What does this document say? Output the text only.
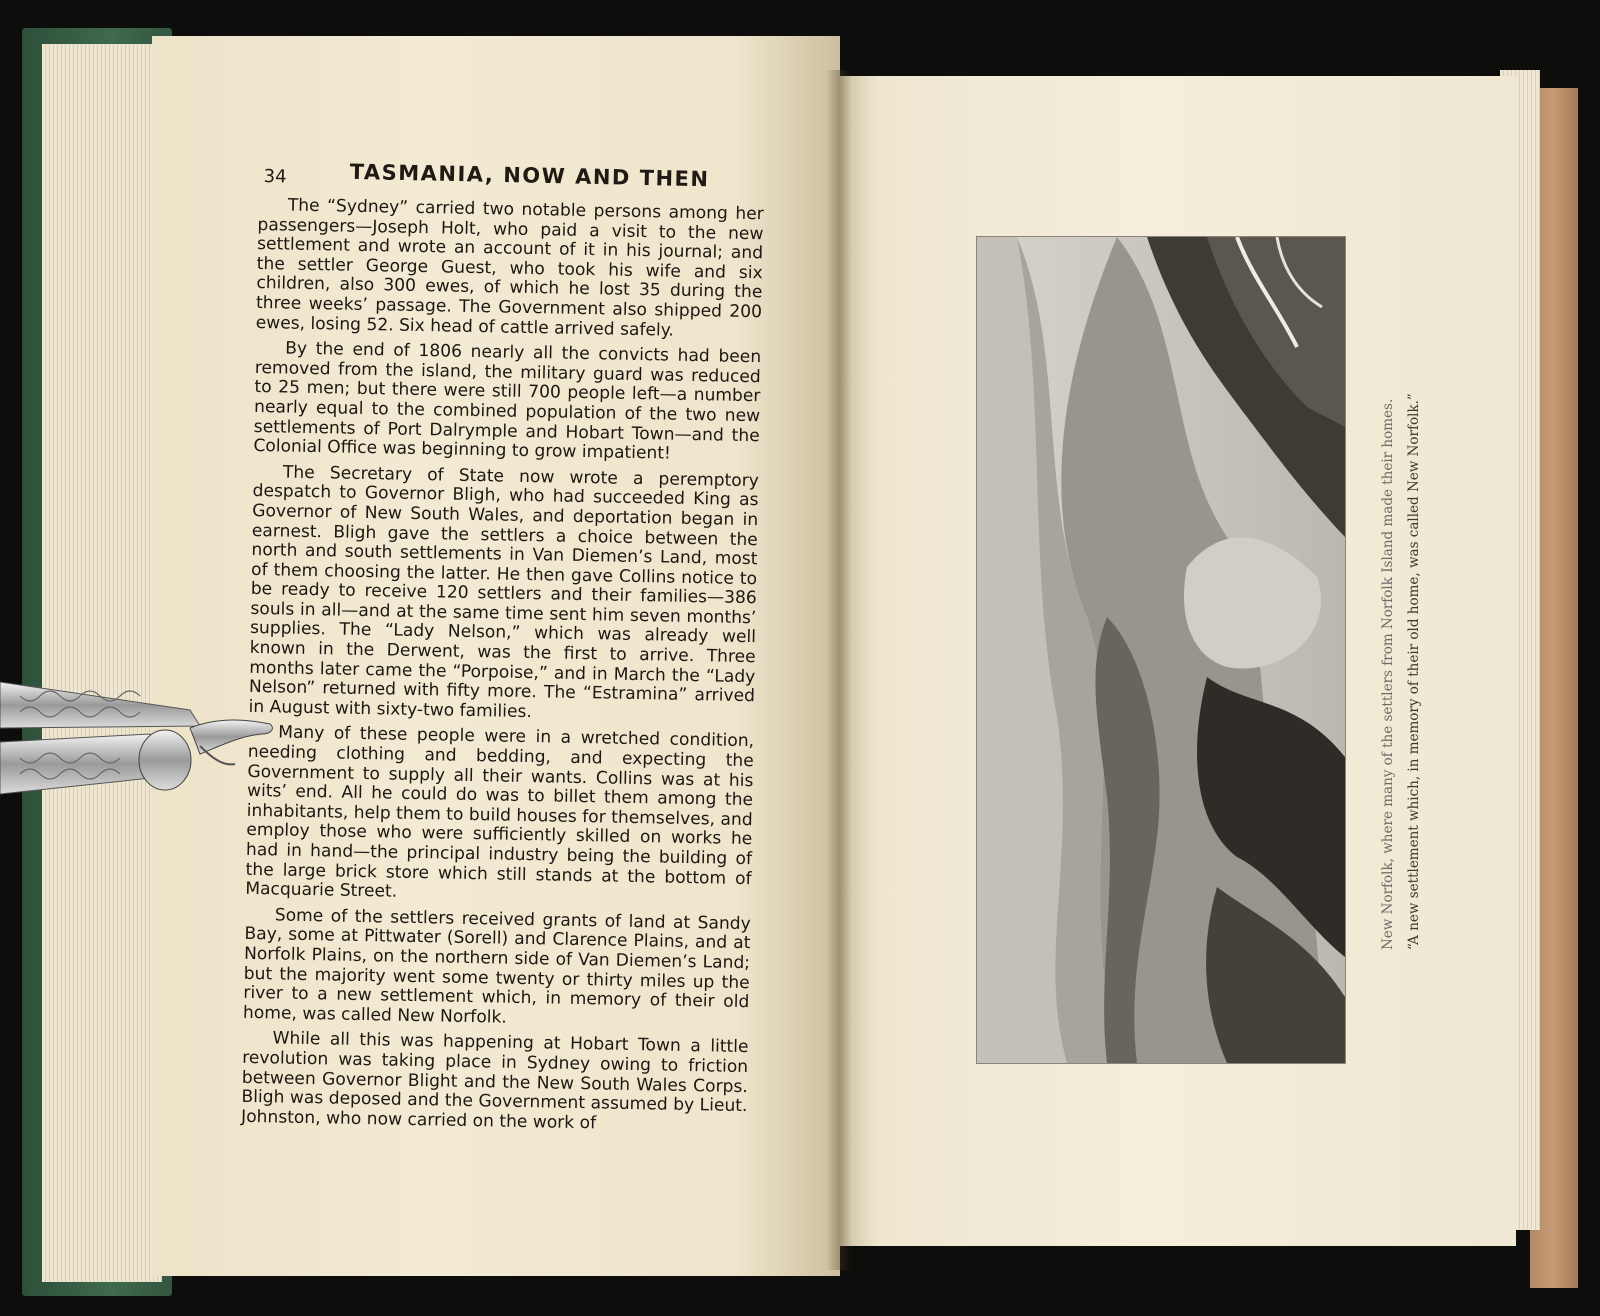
34	TASMANIA, NOW AND THEN

The “Sydney” carried two notable persons among her passengers—Joseph Holt, who paid a visit to the new settlement and wrote an account of it in his journal; and the settler George Guest, who took his wife and six children, also 300 ewes, of which he lost 35 during the three weeks’ passage. The Government also shipped 200 ewes, losing 52. Six head of cattle arrived safely.

By the end of 1806 nearly all the convicts had been removed from the island, the military guard was reduced to 25 men; but there were still 700 people left—a number nearly equal to the combined population of the two new settlements of Port Dalrymple and Hobart Town—and the Colonial Office was beginning to grow impatient!

The Secretary of State now wrote a peremptory despatch to Governor Bligh, who had succeeded King as Governor of New South Wales, and deportation began in earnest. Bligh gave the settlers a choice between the north and south settlements in Van Diemen’s Land, most of them choosing the latter. He then gave Collins notice to be ready to receive 120 settlers and their families—386 souls in all—and at the same time sent him seven months’ supplies. The “Lady Nelson,” which was already well known in the Derwent, was the first to arrive. Three months later came the “Porpoise,” and in March the “Lady Nelson” returned with fifty more. The “Estramina” arrived in August with sixty-two families.

Many of these people were in a wretched condition, needing clothing and bedding, and expecting the Government to supply all their wants. Collins was at his wits’ end. All he could do was to billet them among the inhabitants, help them to build houses for themselves, and employ those who were sufficiently skilled on works he had in hand—the principal industry being the building of the large brick store which still stands at the bottom of Macquarie Street.

Some of the settlers received grants of land at Sandy Bay, some at Pittwater (Sorell) and Clarence Plains, and at Norfolk Plains, on the northern side of Van Diemen’s Land; but the majority went some twenty or thirty miles up the river to a new settlement which, in memory of their old home, was called New Norfolk.

While all this was happening at Hobart Town a little revolution was taking place in Sydney owing to friction between Governor Blight and the New South Wales Corps. Bligh was deposed and the Government assumed by Lieut. Johnston, who now carried on the work of

New Norfolk, where many of the settlers from Norfolk Island made their homes. “A new settlement which, in memory of their old home, was called New Norfolk.”
